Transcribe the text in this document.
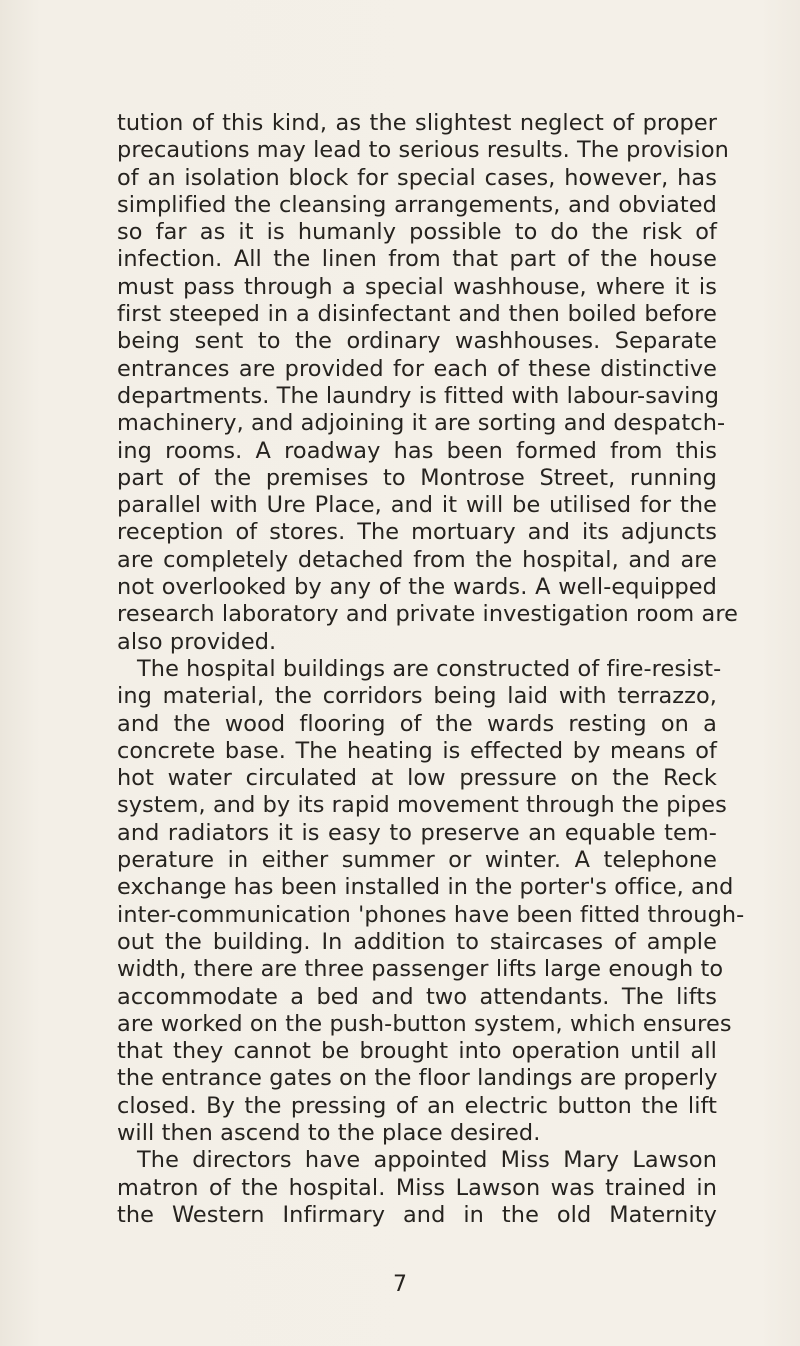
tution of this kind, as the slightest neglect of proper
precautions may lead to serious results. The provision
of an isolation block for special cases, however, has
simplified the cleansing arrangements, and obviated
so far as it is humanly possible to do the risk of
infection. All the linen from that part of the house
must pass through a special washhouse, where it is
first steeped in a disinfectant and then boiled before
being sent to the ordinary washhouses. Separate
entrances are provided for each of these distinctive
departments. The laundry is fitted with labour-saving
machinery, and adjoining it are sorting and despatch-
ing rooms. A roadway has been formed from this
part of the premises to Montrose Street, running
parallel with Ure Place, and it will be utilised for the
reception of stores. The mortuary and its adjuncts
are completely detached from the hospital, and are
not overlooked by any of the wards. A well-equipped
research laboratory and private investigation room are
also provided.
The hospital buildings are constructed of fire-resist-
ing material, the corridors being laid with terrazzo,
and the wood flooring of the wards resting on a
concrete base. The heating is effected by means of
hot water circulated at low pressure on the Reck
system, and by its rapid movement through the pipes
and radiators it is easy to preserve an equable tem-
perature in either summer or winter. A telephone
exchange has been installed in the porter's office, and
inter-communication 'phones have been fitted through-
out the building. In addition to staircases of ample
width, there are three passenger lifts large enough to
accommodate a bed and two attendants. The lifts
are worked on the push-button system, which ensures
that they cannot be brought into operation until all
the entrance gates on the floor landings are properly
closed. By the pressing of an electric button the lift
will then ascend to the place desired.
The directors have appointed Miss Mary Lawson
matron of the hospital. Miss Lawson was trained in
the Western Infirmary and in the old Maternity
7
